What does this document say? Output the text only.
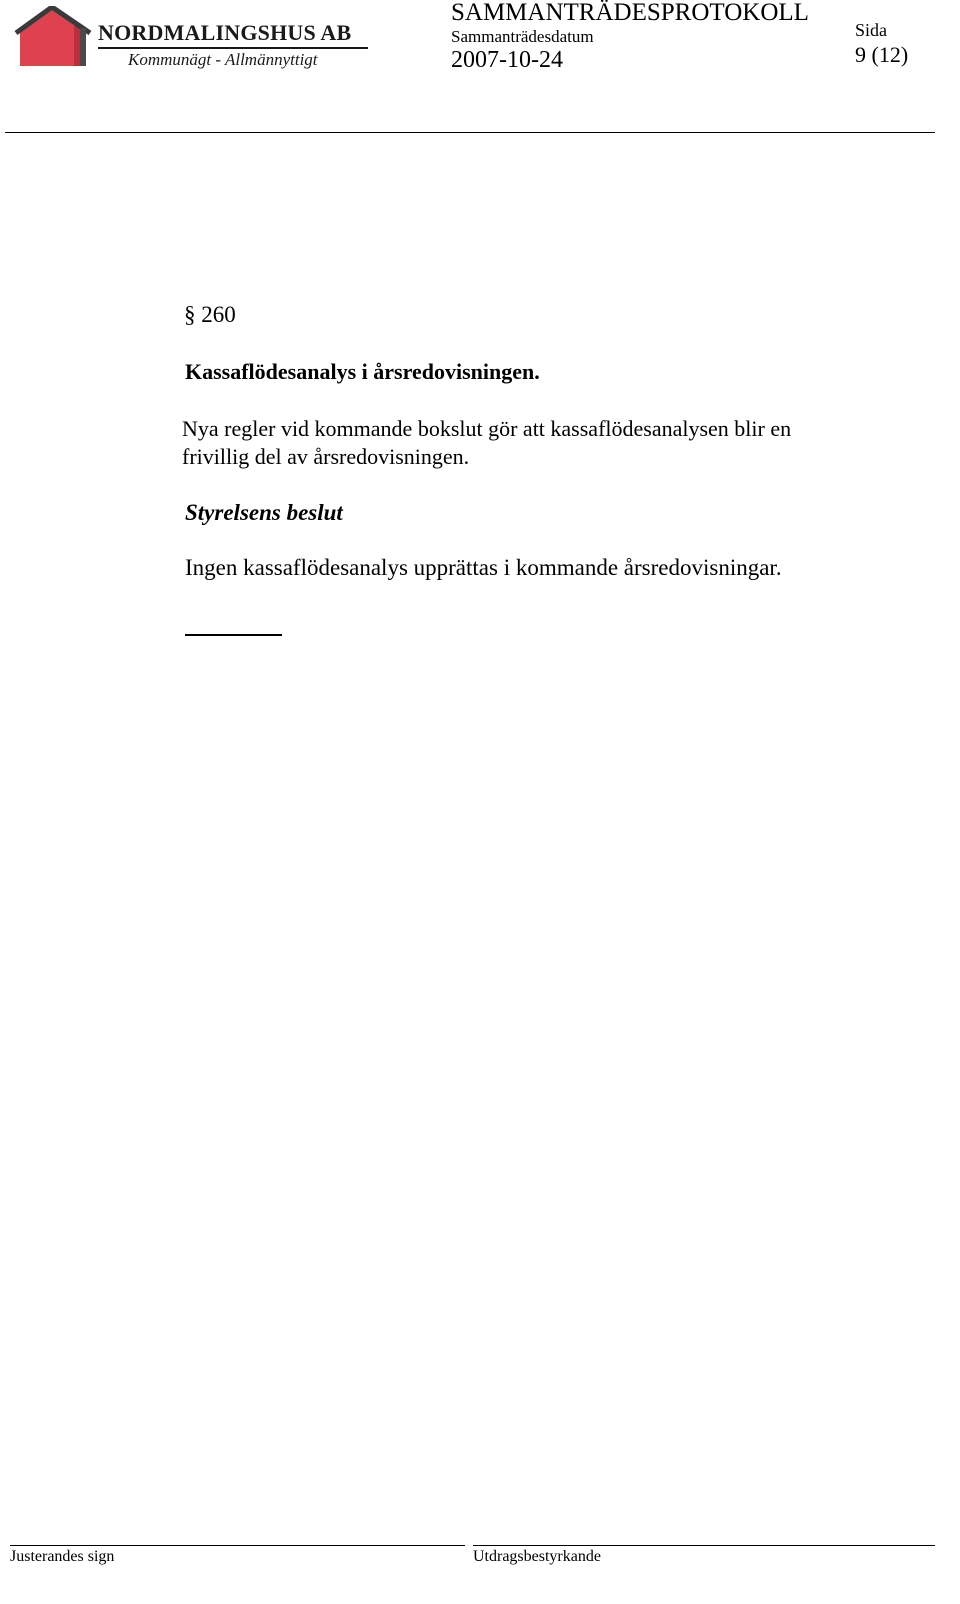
NORDMALINGSHUS AB
Kommunägt - Allmännyttigt
SAMMANTRÄDESPROTOKOLL
Sammanträdesdatum
2007-10-24
Sida
9 (12)
§ 260
Kassaflödesanalys i årsredovisningen.
Nya regler vid kommande bokslut gör att kassaflödesanalysen blir en
frivillig del av årsredovisningen.
Styrelsens beslut
Ingen kassaflödesanalys upprättas i kommande årsredovisningar.
Justerandes sign	Utdragsbestyrkande
